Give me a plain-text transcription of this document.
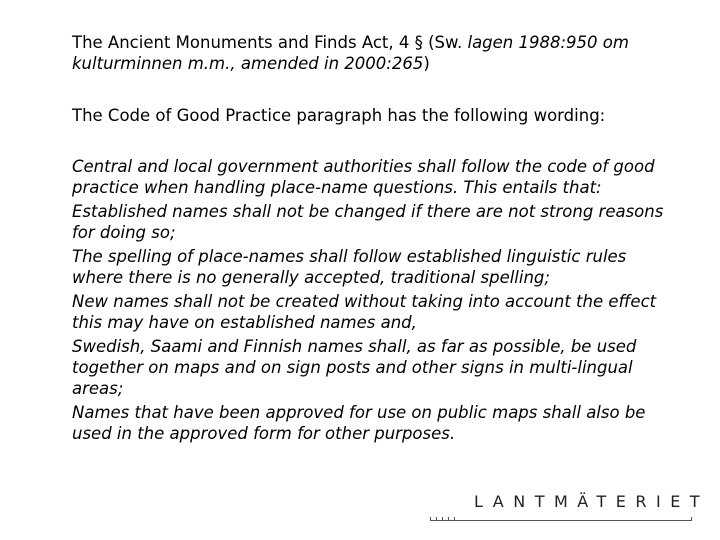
The Ancient Monuments and Finds Act, 4 § (Sw. lagen 1988:950 om kulturminnen m.m., amended in 2000:265)
The Code of Good Practice paragraph has the following wording:

Central and local government authorities shall follow the code of good practice when handling place-name questions. This entails that:

Established names shall not be changed if there are not strong reasons for doing so;

The spelling of place-names shall follow established linguistic rules where there is no generally accepted, traditional spelling;

New names shall not be created without taking into account the effect this may have on established names and,

Swedish, Saami and Finnish names shall, as far as possible, be used together on maps and on sign posts and other signs in multi-lingual areas;

Names that have been approved for use on public maps shall also be used in the approved form for other purposes.

LANTMÄTERIET
